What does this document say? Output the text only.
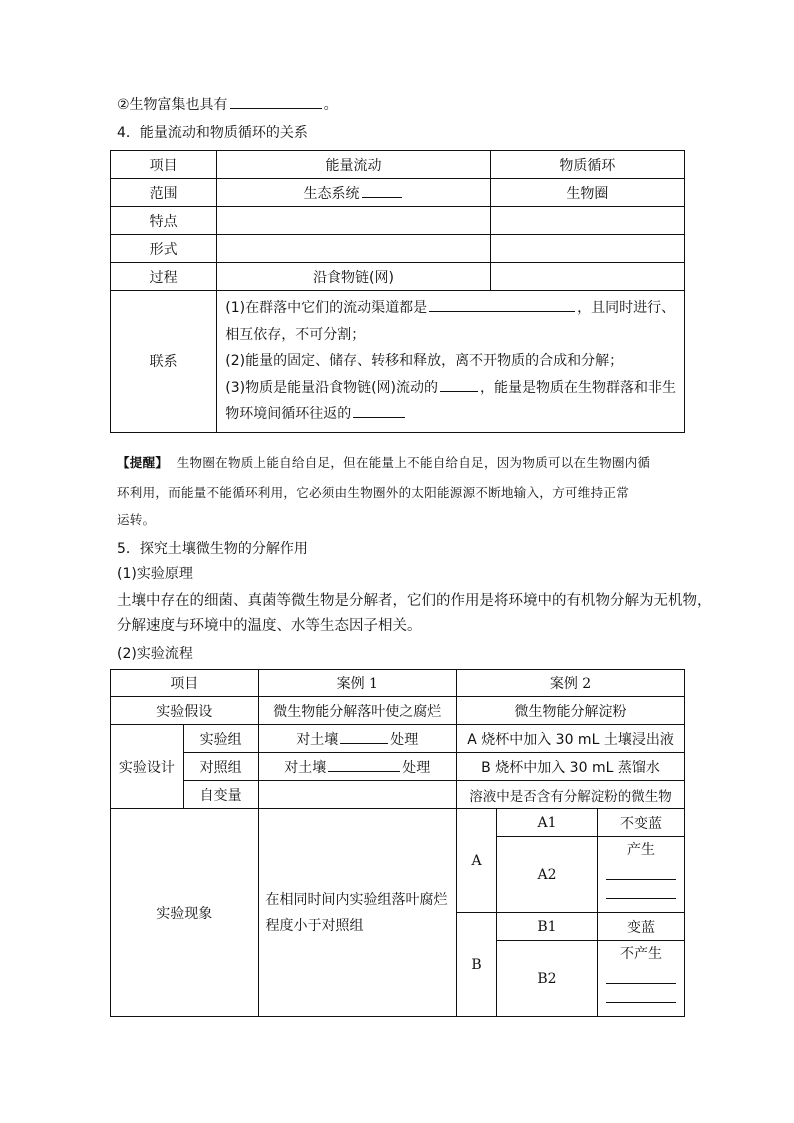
②生物富集也具有	。
4．能量流动和物质循环的关系
项目	能量流动	物质循环
范围	生态系统	生物圈
特点		
形式		
过程	沿食物链(网)	
联系	(1)在群落中它们的流动渠道都是 ，且同时进行、
相互依存，不可分割；
(2)能量的固定、储存、转移和释放，离不开物质的合成和分解；
(3)物质是能量沿食物链(网)流动的 ，能量是物质在生物群落和非生
物环境间循环往返的	
【提醒】 生物圈在物质上能自给自足，但在能量上不能自给自足，因为物质可以在生物圈内循
环利用，而能量不能循环利用，它必须由生物圈外的太阳能源源不断地输入，方可维持正常
运转。
5．探究土壤微生物的分解作用
(1)实验原理
土壤中存在的细菌、真菌等微生物是分解者，它们的作用是将环境中的有机物分解为无机物，
分解速度与环境中的温度、水等生态因子相关。
(2)实验流程
项目		案例 1	案例 2		
实验假设		微生物能分解落叶使之腐烂	微生物能分解淀粉		
实验设计	实验组	对土壤 处理	A 烧杯中加入 30 mL 土壤浸出液		
	对照组	对土壤 处理	B 烧杯中加入 30 mL 蒸馏水		
	自变量		溶液中是否含有分解淀粉的微生物		
实验现象		在相同时间内实验组落叶腐烂程度小于对照组	A	A1	不变蓝
				A2	产生

			B	B1	变蓝
				B2	不产生
